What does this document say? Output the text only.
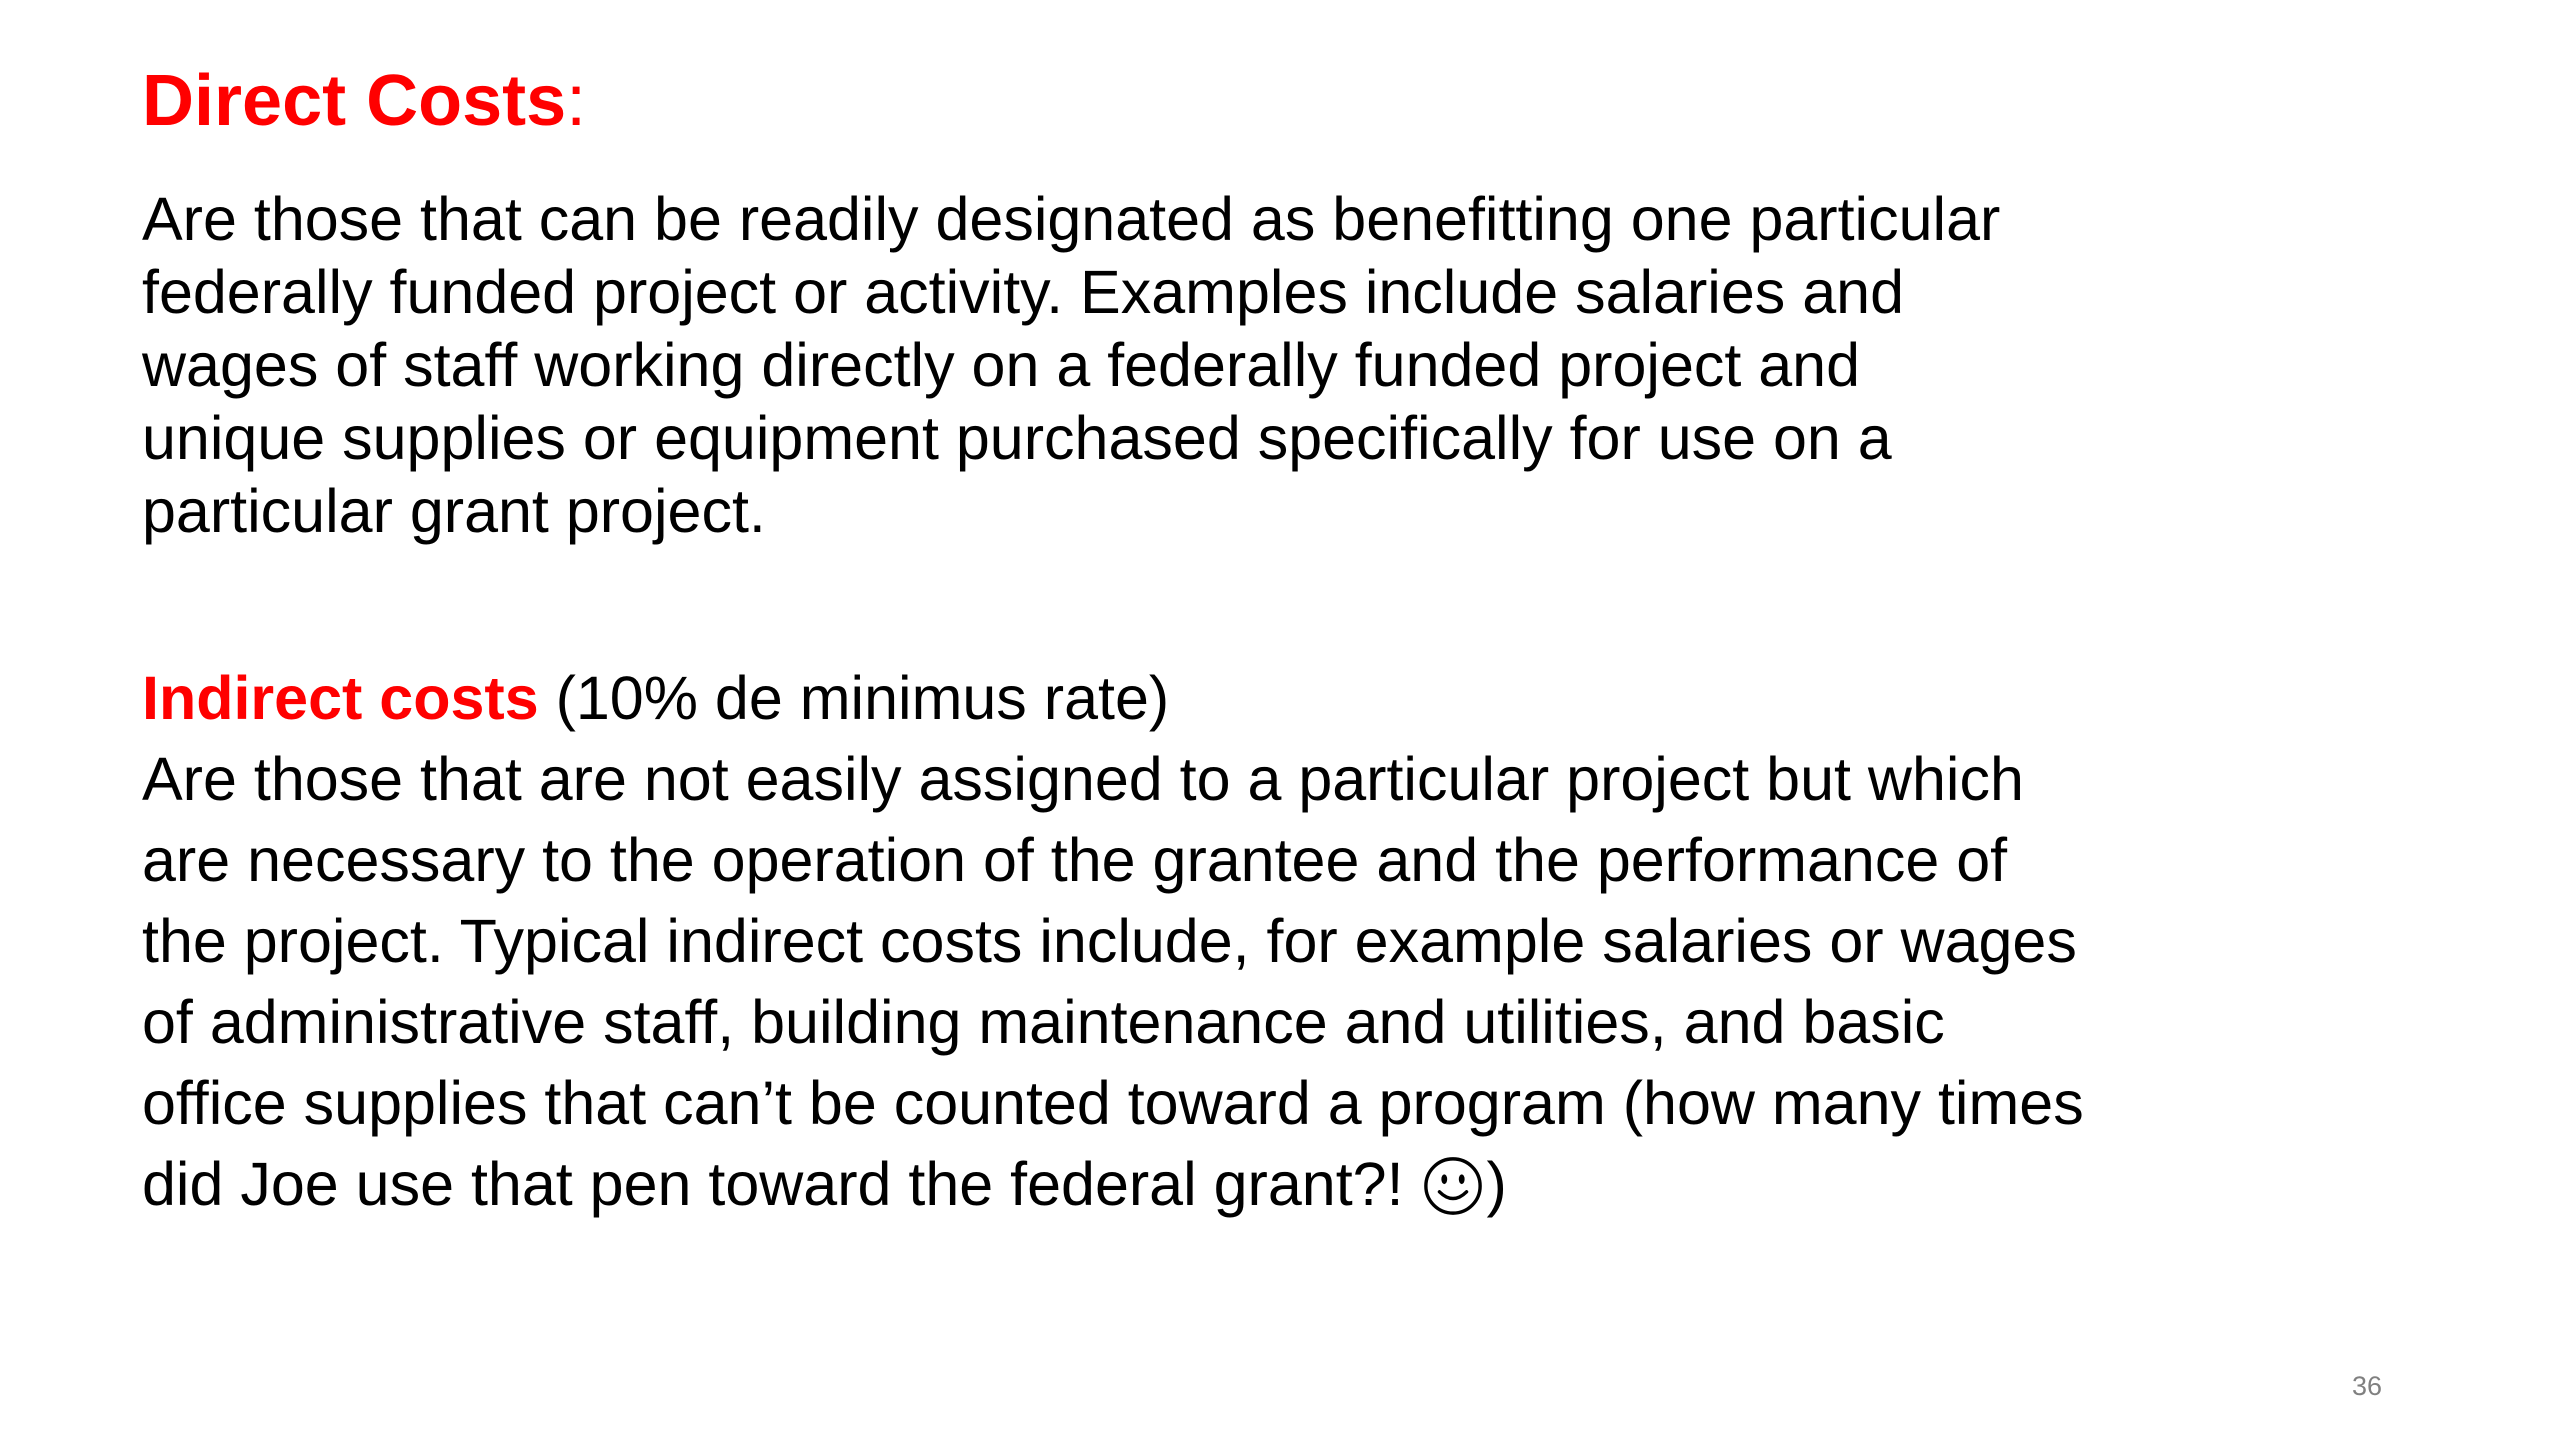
Direct Costs:
Are those that can be readily designated as benefitting one particular
federally funded project or activity. Examples include salaries and
wages of staff working directly on a federally funded project and
unique supplies or equipment purchased specifically for use on a
particular grant project.
Indirect costs (10% de minimus rate)
Are those that are not easily assigned to a particular project but which
are necessary to the operation of the grantee and the performance of
the project. Typical indirect costs include, for example salaries or wages
of administrative staff, building maintenance and utilities, and basic
office supplies that can’t be counted toward a program (how many times
did Joe use that pen toward the federal grant?! )
36
